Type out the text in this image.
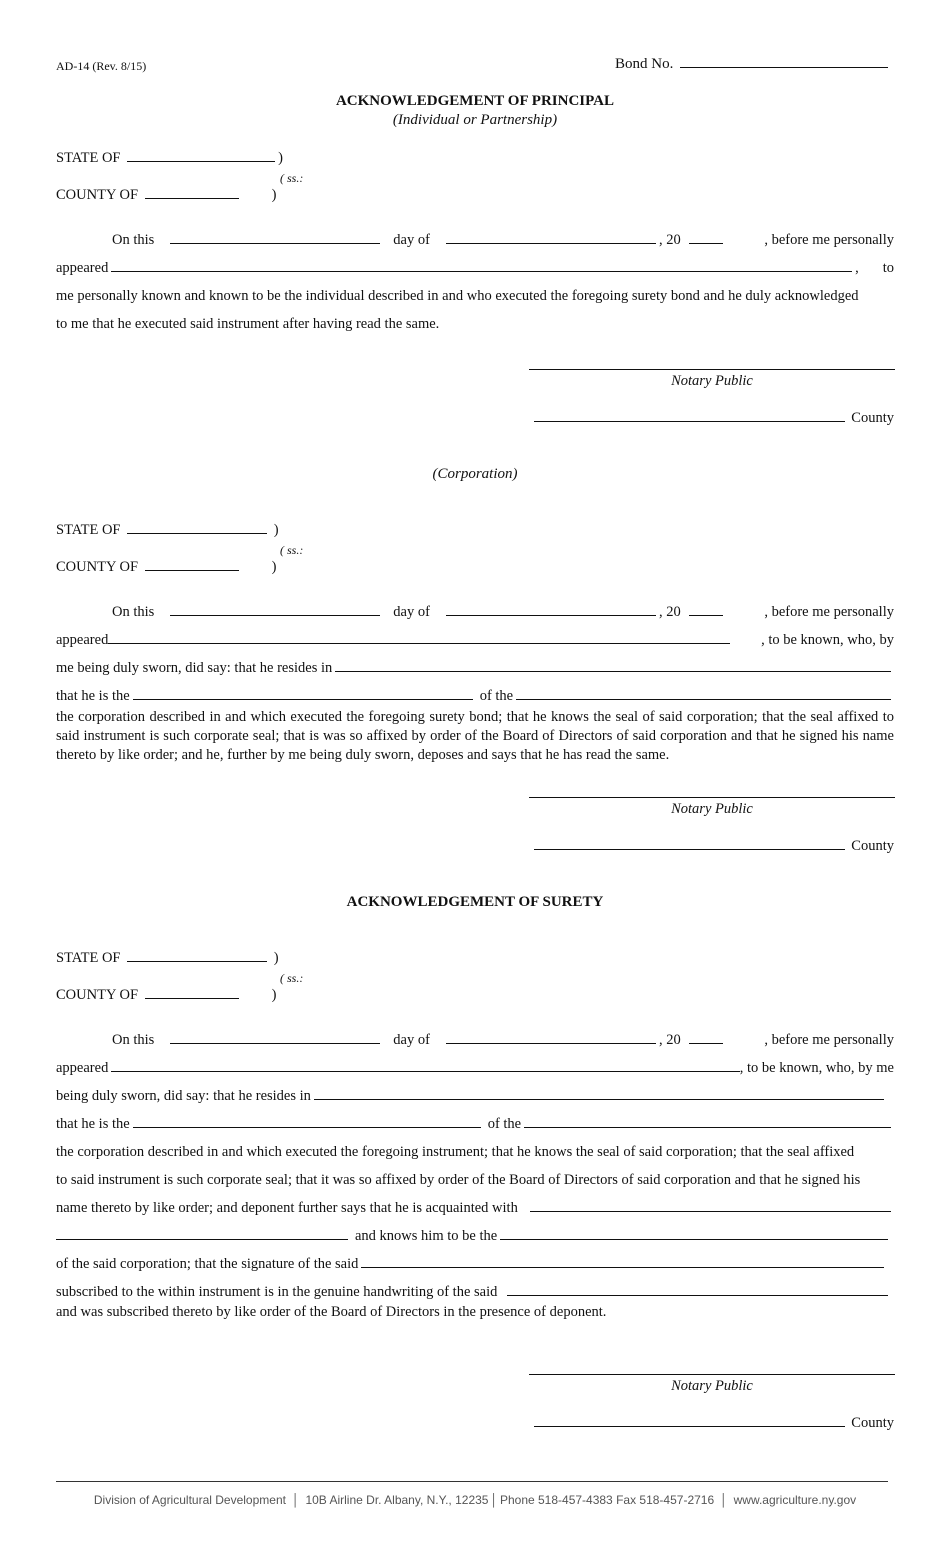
AD-14 (Rev. 8/15)	Bond No.
ACKNOWLEDGEMENT OF PRINCIPAL
(Individual or Partnership)
STATE OF	)
( ss.:
COUNTY OF	)
On this	day of	, 20	, before me personally
appeared	, to
me personally known and known to be the individual described in and who executed the foregoing surety bond and he duly acknowledged
to me that he executed said instrument after having read the same.
Notary Public
County
(Corporation)
STATE OF	)
( ss.:
COUNTY OF	)
On this	day of	, 20	, before me personally
appeared	, to be known, who, by
me being duly sworn, did say: that he resides in
that he is the	of the
the corporation described in and which executed the foregoing surety bond; that he knows the seal of said corporation; that the seal affixed to said instrument is such corporate seal; that is was so affixed by order of the Board of Directors of said corporation and that he signed his name thereto by like order; and he, further by me being duly sworn, deposes and says that he has read the same.
Notary Public
County
ACKNOWLEDGEMENT OF SURETY
STATE OF	)
( ss.:
COUNTY OF	)
On this	day of	, 20	, before me personally
appeared	, to be known, who, by me
being duly sworn, did say: that he resides in
that he is the	of the
the corporation described in and which executed the foregoing instrument; that he knows the seal of said corporation; that the seal affixed
to said instrument is such corporate seal; that it was so affixed by order of the Board of Directors of said corporation and that he signed his
name thereto by like order; and deponent further says that he is acquainted with
and knows him to be the
of the said corporation; that the signature of the said
subscribed to the within instrument is in the genuine handwriting of the said
and was subscribed thereto by like order of the Board of Directors in the presence of deponent.
Notary Public
County
Division of Agricultural Development │ 10B Airline Dr. Albany, N.Y., 12235 │ Phone 518-457-4383 Fax 518-457-2716 │ www.agriculture.ny.gov
